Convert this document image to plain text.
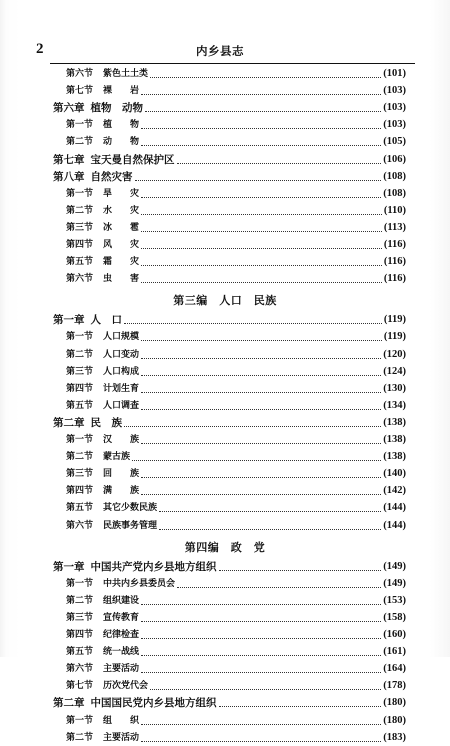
2	内乡县志
第六节 紫色土土类	(101)
第七节 裸　　岩	(103)
第六章 植物　动物	(103)
第一节 植　　物	(103)
第二节 动　　物	(105)
第七章 宝天曼自然保护区	(106)
第八章 自然灾害	(108)
第一节 旱　　灾	(108)
第二节 水　　灾	(110)
第三节 冰　　雹	(113)
第四节 风　　灾	(116)
第五节 霜　　灾	(116)
第六节 虫　　害	(116)
第三编　人口　民族
第一章 人　口	(119)
第一节 人口规模	(119)
第二节 人口变动	(120)
第三节 人口构成	(124)
第四节 计划生育	(130)
第五节 人口调查	(134)
第二章 民　族	(138)
第一节 汉　　族	(138)
第二节 蒙古族	(138)
第三节 回　　族	(140)
第四节 满　　族	(142)
第五节 其它少数民族	(144)
第六节 民族事务管理	(144)
第四编　政　党
第一章 中国共产党内乡县地方组织	(149)
第一节 中共内乡县委员会	(149)
第二节 组织建设	(153)
第三节 宣传教育	(158)
第四节 纪律检查	(160)
第五节 统一战线	(161)
第六节 主要活动	(164)
第七节 历次党代会	(178)
第二章 中国国民党内乡县地方组织	(180)
第一节 组　　织	(180)
第二节 主要活动	(183)
